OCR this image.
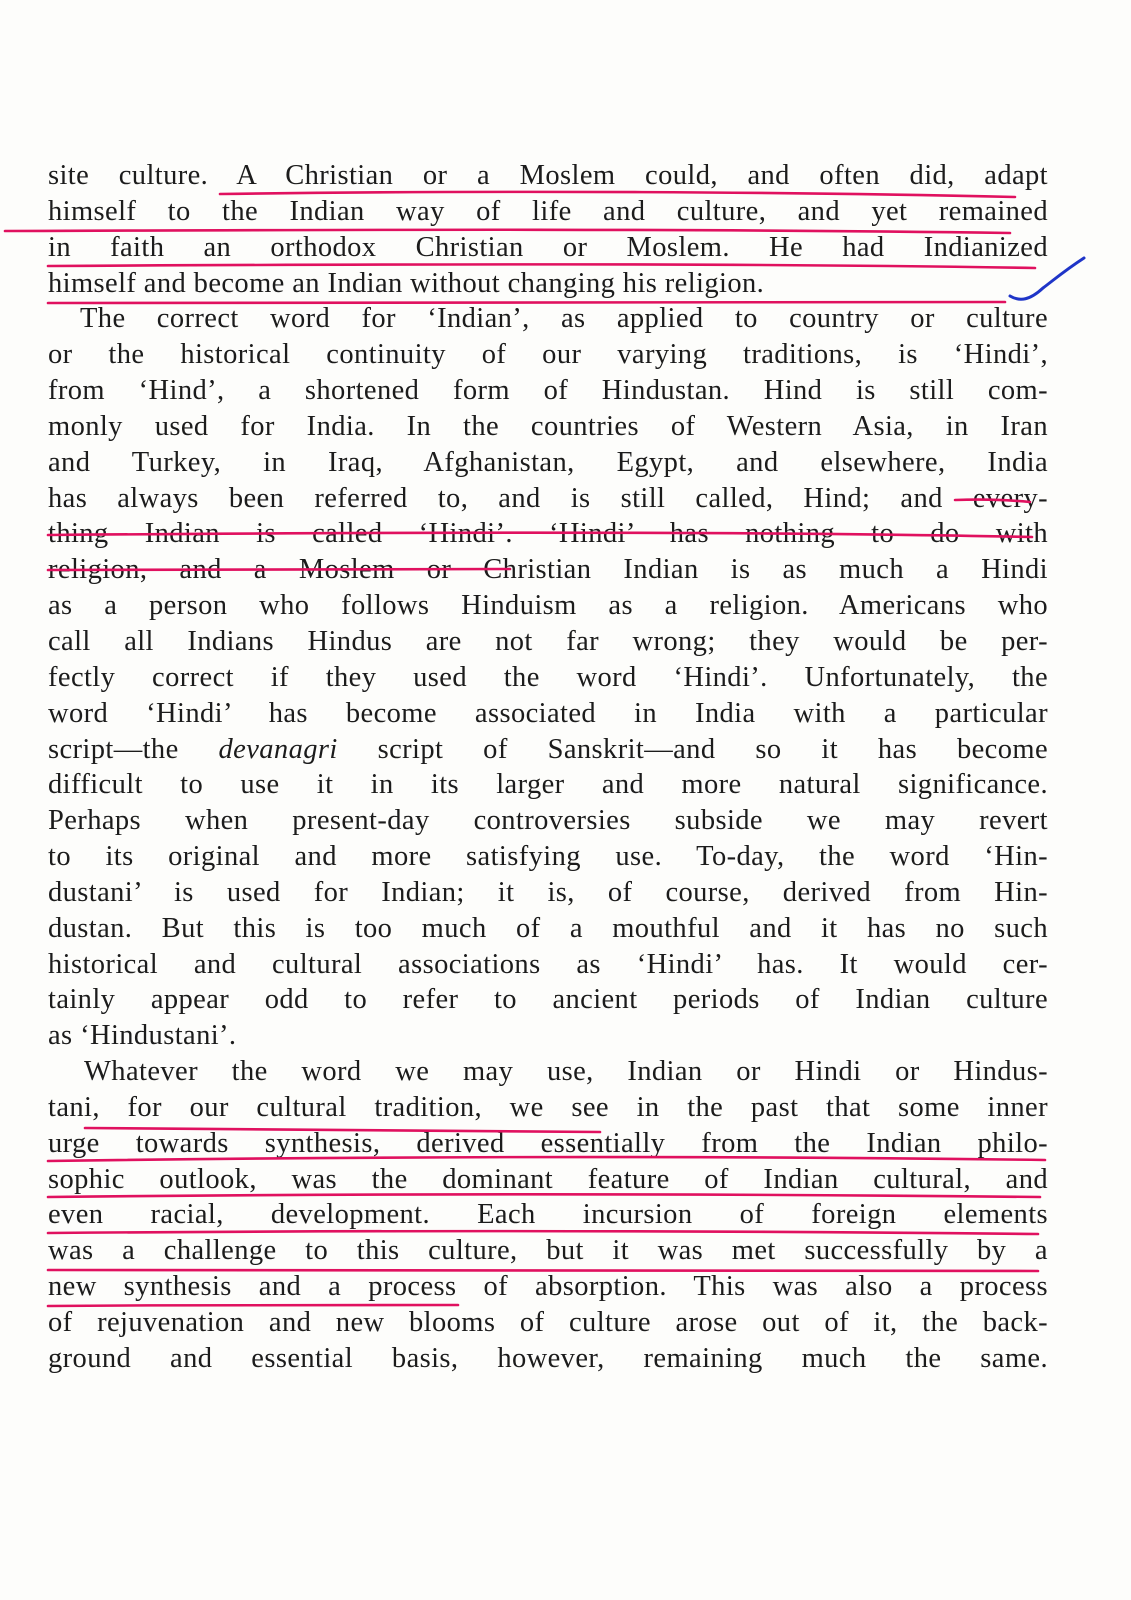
site culture. A Christian or a Moslem could, and often did, adapt
himself to the Indian way of life and culture, and yet remained
in faith an orthodox Christian or Moslem. He had Indianized
himself and become an Indian without changing his religion.
The correct word for ‘Indian’, as applied to country or culture
or the historical continuity of our varying traditions, is ‘Hindi’,
from ‘Hind’, a shortened form of Hindustan. Hind is still com-
monly used for India. In the countries of Western Asia, in Iran
and Turkey, in Iraq, Afghanistan, Egypt, and elsewhere, India
has always been referred to, and is still called, Hind; and every-
thing Indian is called ‘Hindi’. ‘Hindi’ has nothing to do with
religion, and a Moslem or Christian Indian is as much a Hindi
as a person who follows Hinduism as a religion. Americans who
call all Indians Hindus are not far wrong; they would be per-
fectly correct if they used the word ‘Hindi’. Unfortunately, the
word ‘Hindi’ has become associated in India with a particular
script—the devanagri script of Sanskrit—and so it has become
difficult to use it in its larger and more natural significance.
Perhaps when present-day controversies subside we may revert
to its original and more satisfying use. To-day, the word ‘Hin-
dustani’ is used for Indian; it is, of course, derived from Hin-
dustan. But this is too much of a mouthful and it has no such
historical and cultural associations as ‘Hindi’ has. It would cer-
tainly appear odd to refer to ancient periods of Indian culture
as ‘Hindustani’.
Whatever the word we may use, Indian or Hindi or Hindus-
tani, for our cultural tradition, we see in the past that some inner
urge towards synthesis, derived essentially from the Indian philo-
sophic outlook, was the dominant feature of Indian cultural, and
even racial, development. Each incursion of foreign elements
was a challenge to this culture, but it was met successfully by a
new synthesis and a process of absorption. This was also a process
of rejuvenation and new blooms of culture arose out of it, the back-
ground and essential basis, however, remaining much the same.
